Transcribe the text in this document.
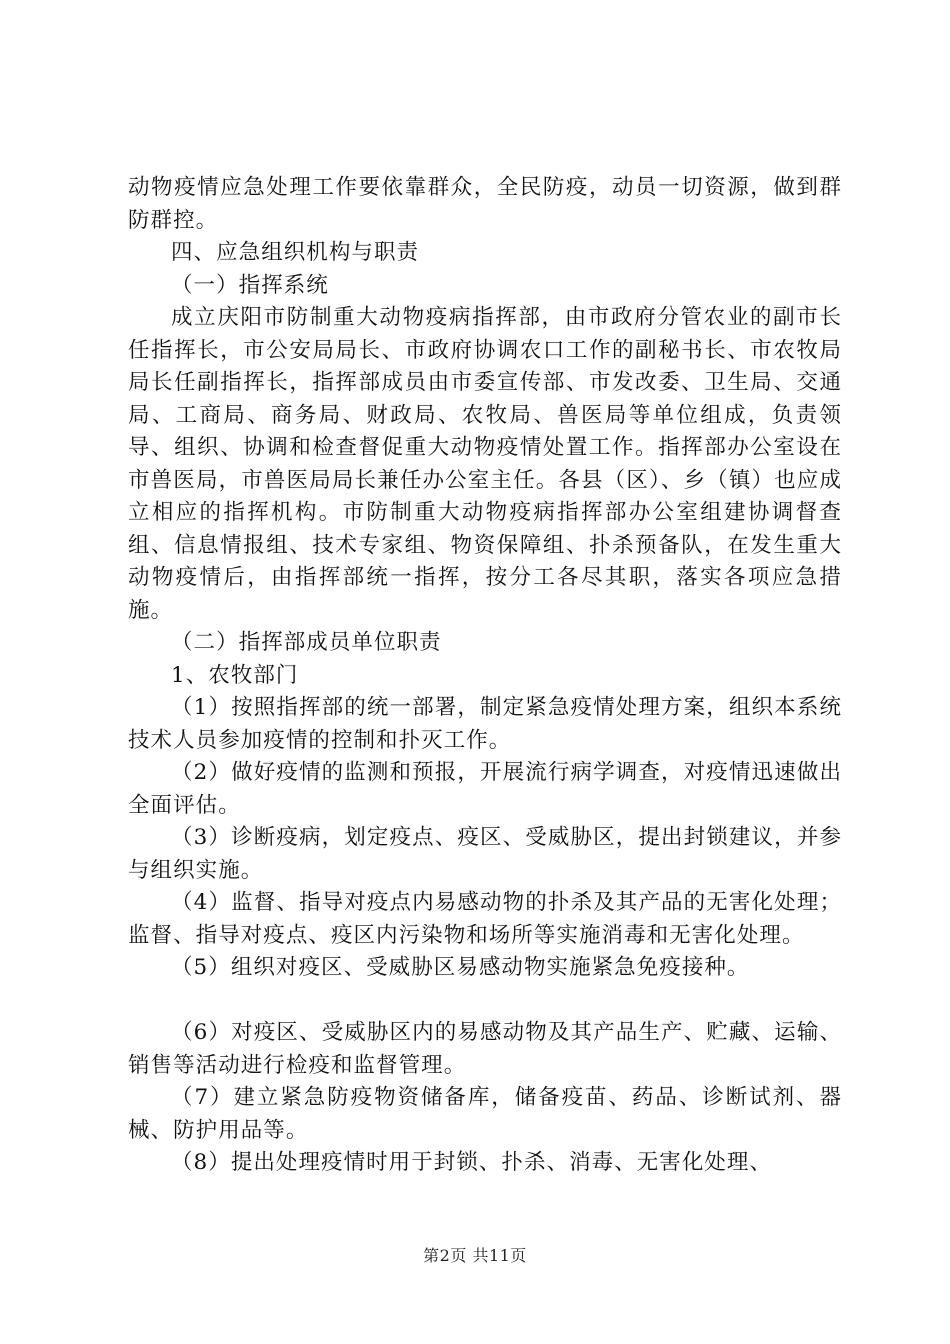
动物疫情应急处理工作要依靠群众，全民防疫，动员一切资源，做到群防群控。

四、应急组织机构与职责

（一）指挥系统

成立庆阳市防制重大动物疫病指挥部，由市政府分管农业的副市长任指挥长，市公安局局长、市政府协调农口工作的副秘书长、市农牧局局长任副指挥长，指挥部成员由市委宣传部、市发改委、卫生局、交通局、工商局、商务局、财政局、农牧局、兽医局等单位组成，负责领导、组织、协调和检查督促重大动物疫情处置工作。指挥部办公室设在市兽医局，市兽医局局长兼任办公室主任。各县（区）、乡（镇）也应成立相应的指挥机构。市防制重大动物疫病指挥部办公室组建协调督查组、信息情报组、技术专家组、物资保障组、扑杀预备队，在发生重大动物疫情后，由指挥部统一指挥，按分工各尽其职，落实各项应急措施。

（二）指挥部成员单位职责

1、农牧部门

（1）按照指挥部的统一部署，制定紧急疫情处理方案，组织本系统技术人员参加疫情的控制和扑灭工作。

（2）做好疫情的监测和预报，开展流行病学调查，对疫情迅速做出全面评估。

（3）诊断疫病，划定疫点、疫区、受威胁区，提出封锁建议，并参与组织实施。

（4）监督、指导对疫点内易感动物的扑杀及其产品的无害化处理；监督、指导对疫点、疫区内污染物和场所等实施消毒和无害化处理。

（5）组织对疫区、受威胁区易感动物实施紧急免疫接种。

（6）对疫区、受威胁区内的易感动物及其产品生产、贮藏、运输、销售等活动进行检疫和监督管理。

（7）建立紧急防疫物资储备库，储备疫苗、药品、诊断试剂、器械、防护用品等。

（8）提出处理疫情时用于封锁、扑杀、消毒、无害化处理、

第2页 共11页
